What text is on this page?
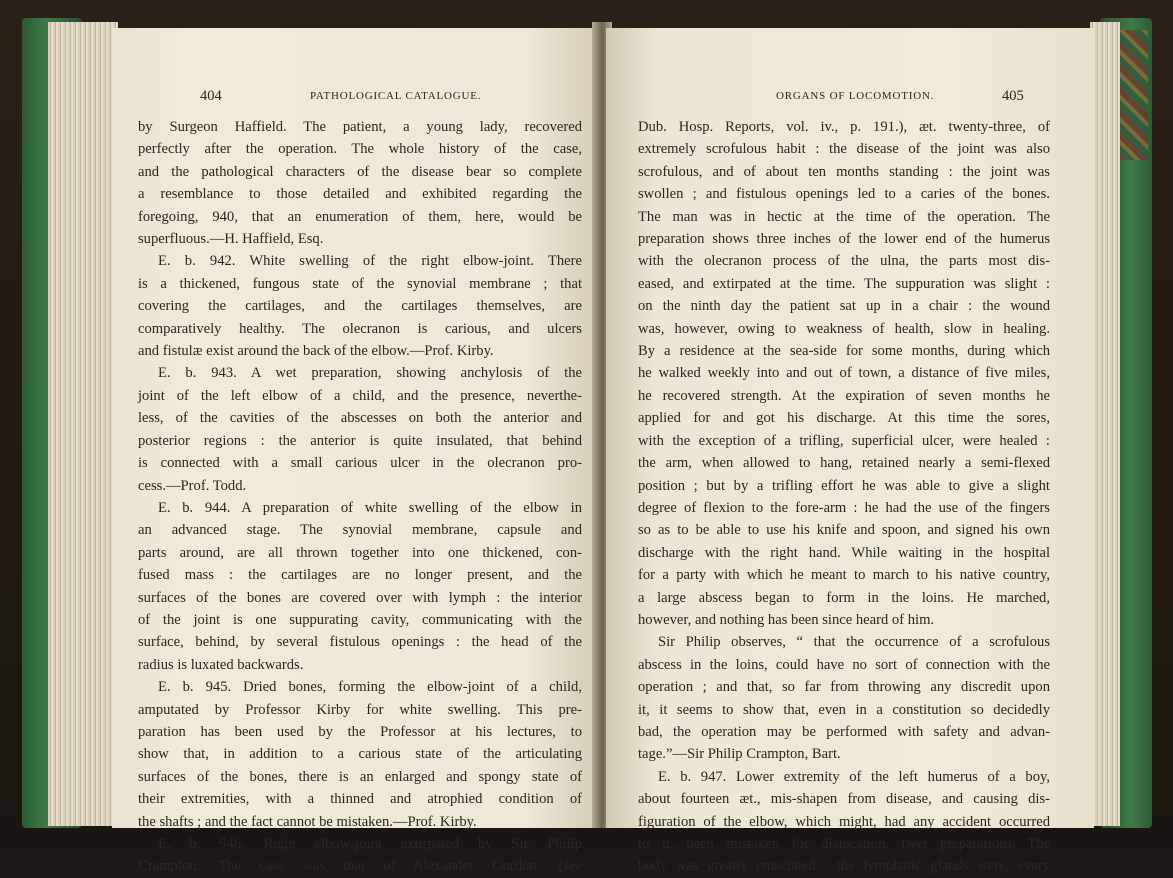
404	PATHOLOGICAL CATALOGUE.
by Surgeon Haffield. The patient, a young lady, recovered
perfectly after the operation. The whole history of the case,
and the pathological characters of the disease bear so complete
a resemblance to those detailed and exhibited regarding the
foregoing, 940, that an enumeration of them, here, would be
superfluous.—H. Haffield, Esq.
E. b. 942. White swelling of the right elbow-joint. There
is a thickened, fungous state of the synovial membrane ; that
covering the cartilages, and the cartilages themselves, are
comparatively healthy. The olecranon is carious, and ulcers
and fistulæ exist around the back of the elbow.—Prof. Kirby.
E. b. 943. A wet preparation, showing anchylosis of the
joint of the left elbow of a child, and the presence, neverthe-
less, of the cavities of the abscesses on both the anterior and
posterior regions : the anterior is quite insulated, that behind
is connected with a small carious ulcer in the olecranon pro-
cess.—Prof. Todd.
E. b. 944. A preparation of white swelling of the elbow in
an advanced stage. The synovial membrane, capsule and
parts around, are all thrown together into one thickened, con-
fused mass : the cartilages are no longer present, and the
surfaces of the bones are covered over with lymph : the interior
of the joint is one suppurating cavity, communicating with the
surface, behind, by several fistulous openings : the head of the
radius is luxated backwards.
E. b. 945. Dried bones, forming the elbow-joint of a child,
amputated by Professor Kirby for white swelling. This pre-
paration has been used by the Professor at his lectures, to
show that, in addition to a carious state of the articulating
surfaces of the bones, there is an enlarged and spongy state of
their extremities, with a thinned and atrophied condition of
the shafts ; and the fact cannot be mistaken.—Prof. Kirby.
E. b. 946. Right elbow-joint extirpated by Sir Philip
Crampton. The case was that of Alexander Gordon, (see
ORGANS OF LOCOMOTION.	405
Dub. Hosp. Reports, vol. iv., p. 191.), æt. twenty-three, of
extremely scrofulous habit : the disease of the joint was also
scrofulous, and of about ten months standing : the joint was
swollen ; and fistulous openings led to a caries of the bones.
The man was in hectic at the time of the operation. The
preparation shows three inches of the lower end of the humerus
with the olecranon process of the ulna, the parts most dis-
eased, and extirpated at the time. The suppuration was slight :
on the ninth day the patient sat up in a chair : the wound
was, however, owing to weakness of health, slow in healing.
By a residence at the sea-side for some months, during which
he walked weekly into and out of town, a distance of five miles,
he recovered strength. At the expiration of seven months he
applied for and got his discharge. At this time the sores,
with the exception of a trifling, superficial ulcer, were healed :
the arm, when allowed to hang, retained nearly a semi-flexed
position ; but by a trifling effort he was able to give a slight
degree of flexion to the fore-arm : he had the use of the fingers
so as to be able to use his knife and spoon, and signed his own
discharge with the right hand. While waiting in the hospital
for a party with which he meant to march to his native country,
a large abscess began to form in the loins. He marched,
however, and nothing has been since heard of him.
Sir Philip observes, “ that the occurrence of a scrofulous
abscess in the loins, could have no sort of connection with the
operation ; and that, so far from throwing any discredit upon
it, it seems to show that, even in a constitution so decidedly
bad, the operation may be performed with safety and advan-
tage.”—Sir Philip Crampton, Bart.
E. b. 947. Lower extremity of the left humerus of a boy,
about fourteen æt., mis-shapen from disease, and causing dis-
figuration of the elbow, which might, had any accident occurred
to it, been mistaken for dislocation, (wet preparation). The
body was greatly emaciated : the lymphatic glands were, every
